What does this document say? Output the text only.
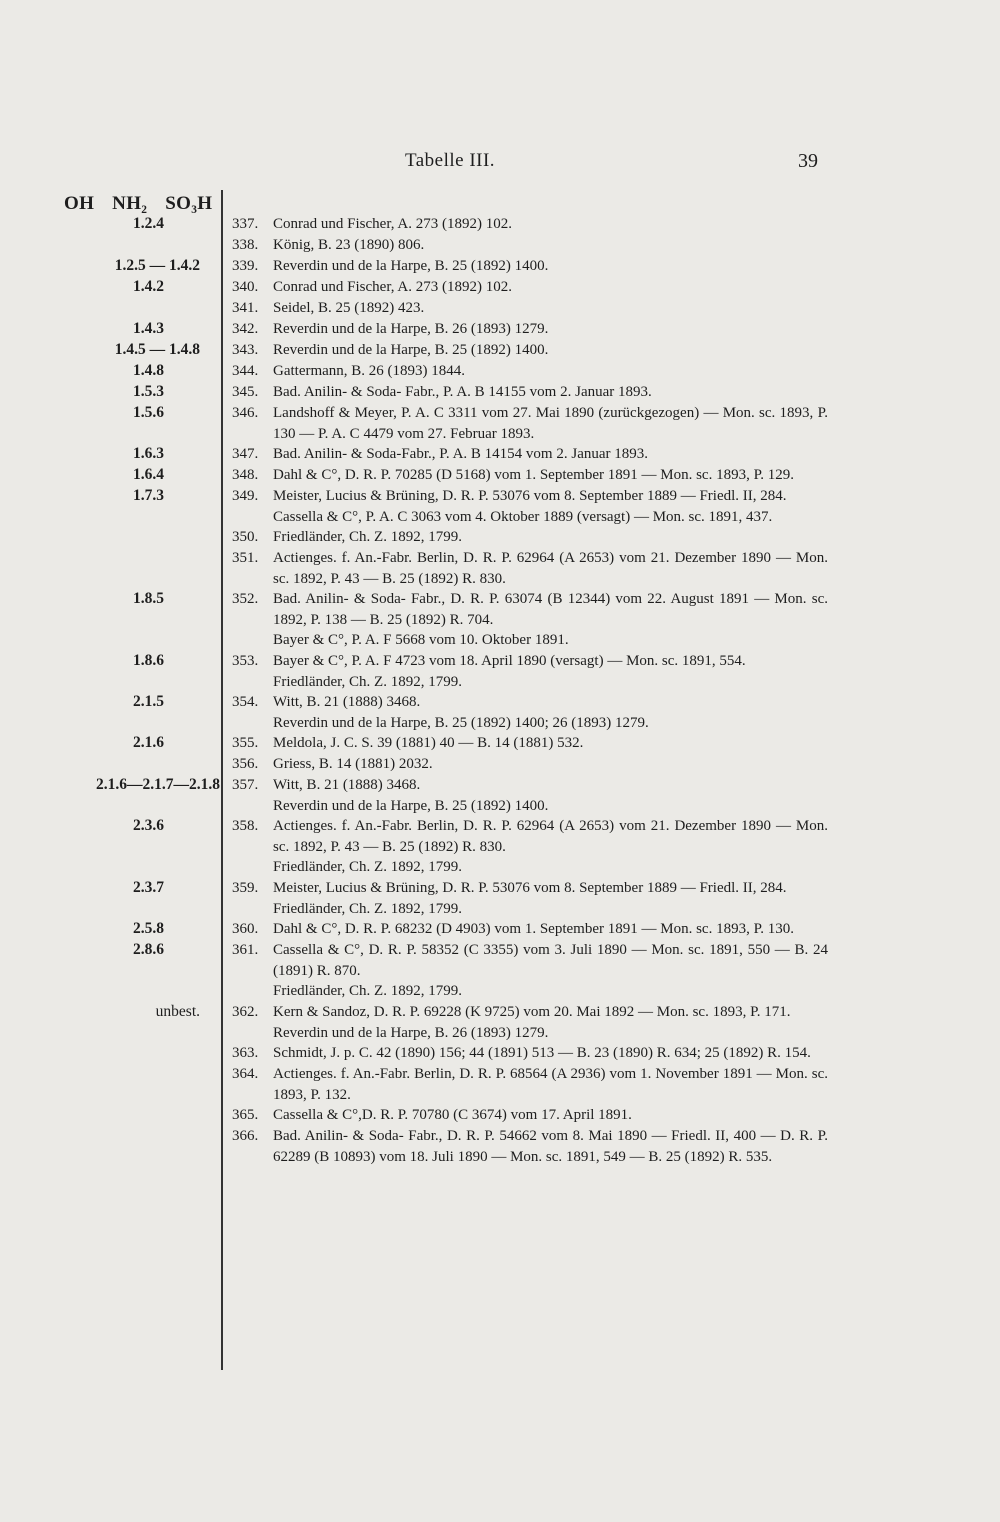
Tabelle III.	39
OH NH₂ SO₃H
337. Conrad und Fischer, A. 273 (1892) 102.

1.2.4
338. König, B. 23 (1890) 806.

339. Reverdin und de la Harpe, B. 25 (1892) 1400.

1.2.5 — 1.4.2
340. Conrad und Fischer, A. 273 (1892) 102.

1.4.2
341. Seidel, B. 25 (1892) 423.

342. Reverdin und de la Harpe, B. 26 (1893) 1279.

1.4.3
343. Reverdin und de la Harpe, B. 25 (1892) 1400.

1.4.5 — 1.4.8
344. Gattermann, B. 26 (1893) 1844.

1.4.8
345. Bad. Anilin- & Soda- Fabr., P. A. B 14155 vom 2. Januar 1893.

1.5.3
346. Landshoff & Meyer, P. A. C 3311 vom 27. Mai 1890 (zurückgezogen) — Mon. sc. 1893, P. 130 — P. A. C 4479 vom 27. Februar 1893.

1.5.6
347. Bad. Anilin- & Soda-Fabr., P. A. B 14154 vom 2. Januar 1893.

1.6.3
348. Dahl & C°, D. R. P. 70285 (D 5168) vom 1. September 1891 — Mon. sc. 1893, P. 129.

1.6.4
349. Meister, Lucius & Brüning, D. R. P. 53076 vom 8. September 1889 — Friedl. II, 284.

Cassella & C°, P. A. C 3063 vom 4. Oktober 1889 (versagt) — Mon. sc. 1891, 437.

1.7.3
350. Friedländer, Ch. Z. 1892, 1799.

351. Actienges. f. An.-Fabr. Berlin, D. R. P. 62964 (A 2653) vom 21. Dezember 1890 — Mon. sc. 1892, P. 43 — B. 25 (1892) R. 830.

352. Bad. Anilin- & Soda- Fabr., D. R. P. 63074 (B 12344) vom 22. August 1891 — Mon. sc. 1892, P. 138 — B. 25 (1892) R. 704.

Bayer & C°, P. A. F 5668 vom 10. Oktober 1891.

1.8.5
353. Bayer & C°, P. A. F 4723 vom 18. April 1890 (versagt) — Mon. sc. 1891, 554.

Friedländer, Ch. Z. 1892, 1799.

1.8.6
354. Witt, B. 21 (1888) 3468.

Reverdin und de la Harpe, B. 25 (1892) 1400; 26 (1893) 1279.

2.1.5
355. Meldola, J. C. S. 39 (1881) 40 — B. 14 (1881) 532.

2.1.6
356. Griess, B. 14 (1881) 2032.

357. Witt, B. 21 (1888) 3468.

Reverdin und de la Harpe, B. 25 (1892) 1400.

2.1.6—2.1.7—2.1.8
358. Actienges. f. An.-Fabr. Berlin, D. R. P. 62964 (A 2653) vom 21. Dezember 1890 — Mon. sc. 1892, P. 43 — B. 25 (1892) R. 830.

Friedländer, Ch. Z. 1892, 1799.

2.3.6
359. Meister, Lucius & Brüning, D. R. P. 53076 vom 8. September 1889 — Friedl. II, 284.

Friedländer, Ch. Z. 1892, 1799.

2.3.7
360. Dahl & C°, D. R. P. 68232 (D 4903) vom 1. September 1891 — Mon. sc. 1893, P. 130.

2.5.8
361. Cassella & C°, D. R. P. 58352 (C 3355) vom 3. Juli 1890 — Mon. sc. 1891, 550 — B. 24 (1891) R. 870.

Friedländer, Ch. Z. 1892, 1799.

2.8.6
362. Kern & Sandoz, D. R. P. 69228 (K 9725) vom 20. Mai 1892 — Mon. sc. 1893, P. 171.

Reverdin und de la Harpe, B. 26 (1893) 1279.

unbest.
363. Schmidt, J. p. C. 42 (1890) 156; 44 (1891) 513 — B. 23 (1890) R. 634; 25 (1892) R. 154.

364. Actienges. f. An.-Fabr. Berlin, D. R. P. 68564 (A 2936) vom 1. November 1891 — Mon. sc. 1893, P. 132.

365. Cassella & C°,D. R. P. 70780 (C 3674) vom 17. April 1891.

366. Bad. Anilin- & Soda- Fabr., D. R. P. 54662 vom 8. Mai 1890 — Friedl. II, 400 — D. R. P. 62289 (B 10893) vom 18. Juli 1890 — Mon. sc. 1891, 549 — B. 25 (1892) R. 535.
